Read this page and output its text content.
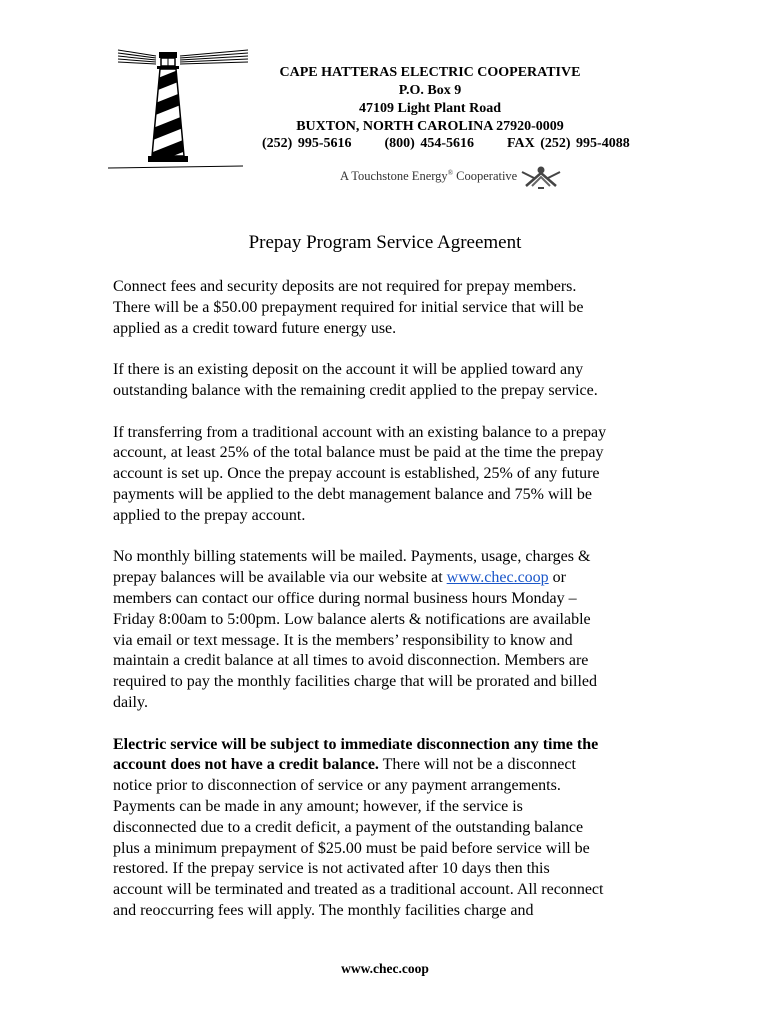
CAPE HATTERAS ELECTRIC COOPERATIVE
P.O. Box 9
47109 Light Plant Road
BUXTON, NORTH CAROLINA 27920-0009
(252) 995-5616 (800) 454-5616 FAX (252) 995-4088
A Touchstone Energy® Cooperative
Prepay Program Service Agreement

Connect fees and security deposits are not required for prepay members.
There will be a $50.00 prepayment required for initial service that will be
applied as a credit toward future energy use.

If there is an existing deposit on the account it will be applied toward any
outstanding balance with the remaining credit applied to the prepay service.

If transferring from a traditional account with an existing balance to a prepay
account, at least 25% of the total balance must be paid at the time the prepay
account is set up. Once the prepay account is established, 25% of any future
payments will be applied to the debt management balance and 75% will be
applied to the prepay account.

No monthly billing statements will be mailed. Payments, usage, charges &
prepay balances will be available via our website at www.chec.coop or
members can contact our office during normal business hours Monday –
Friday 8:00am to 5:00pm. Low balance alerts & notifications are available
via email or text message. It is the members’ responsibility to know and
maintain a credit balance at all times to avoid disconnection. Members are
required to pay the monthly facilities charge that will be prorated and billed
daily.

Electric service will be subject to immediate disconnection any time the
account does not have a credit balance. There will not be a disconnect
notice prior to disconnection of service or any payment arrangements.
Payments can be made in any amount; however, if the service is
disconnected due to a credit deficit, a payment of the outstanding balance
plus a minimum prepayment of $25.00 must be paid before service will be
restored. If the prepay service is not activated after 10 days then this
account will be terminated and treated as a traditional account. All reconnect
and reoccurring fees will apply. The monthly facilities charge and

www.chec.coop
